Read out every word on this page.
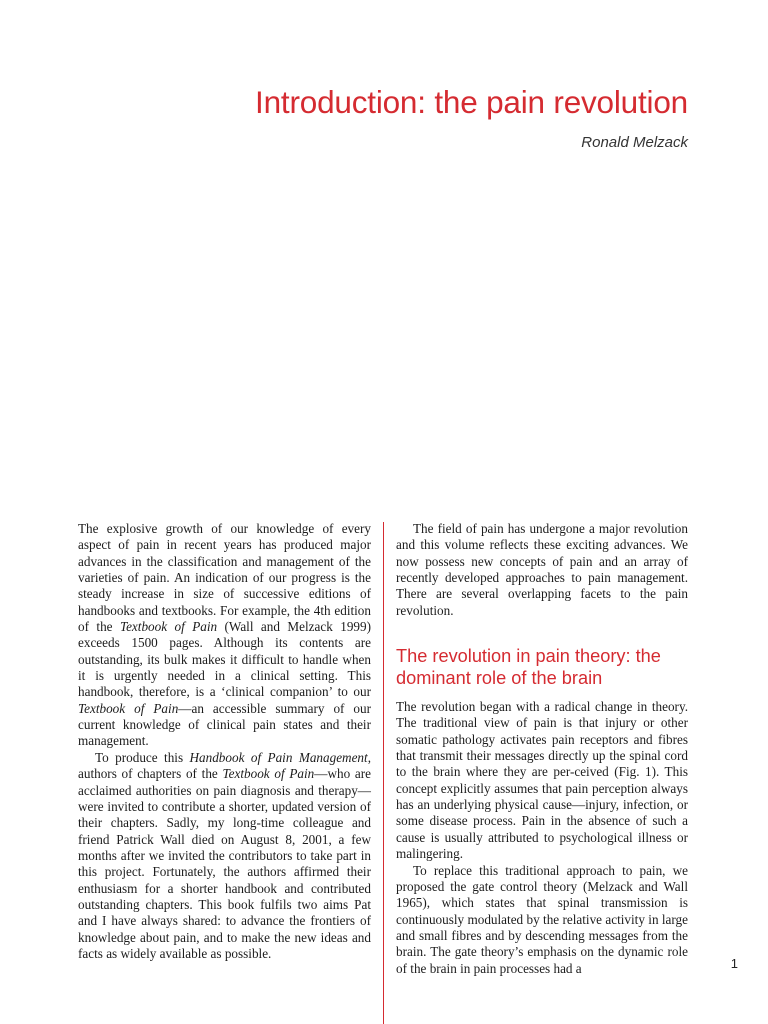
Introduction: the pain revolution
Ronald Melzack

The explosive growth of our knowledge of every aspect of pain in recent years has produced major advances in the classification and management of the varieties of pain. An indication of our progress is the steady increase in size of successive editions of handbooks and textbooks. For example, the 4th edition of the Textbook of Pain (Wall and Melzack 1999) exceeds 1500 pages. Although its contents are outstanding, its bulk makes it difficult to handle when it is urgently needed in a clinical setting. This handbook, therefore, is a ‘clinical companion’ to our Textbook of Pain—an accessible summary of our current knowledge of clinical pain states and their management.

To produce this Handbook of Pain Management, authors of chapters of the Textbook of Pain—who are acclaimed authorities on pain diagnosis and therapy—were invited to contribute a shorter, updated version of their chapters. Sadly, my long-time colleague and friend Patrick Wall died on August 8, 2001, a few months after we invited the contributors to take part in this project. Fortunately, the authors affirmed their enthusiasm for a shorter handbook and contributed outstanding chapters. This book fulfils two aims Pat and I have always shared: to advance the frontiers of knowledge about pain, and to make the new ideas and facts as widely available as possible.

The field of pain has undergone a major revolution and this volume reflects these exciting advances. We now possess new concepts of pain and an array of recently developed approaches to pain management. There are several overlapping facets to the pain revolution.

The revolution in pain theory: the dominant role of the brain

The revolution began with a radical change in theory. The traditional view of pain is that injury or other somatic pathology activates pain receptors and fibres that transmit their messages directly up the spinal cord to the brain where they are per-ceived (Fig. 1). This concept explicitly assumes that pain perception always has an underlying physical cause—injury, infection, or some disease process. Pain in the absence of such a cause is usually attributed to psychological illness or malingering.

To replace this traditional approach to pain, we proposed the gate control theory (Melzack and Wall 1965), which states that spinal transmission is continuously modulated by the relative activity in large and small fibres and by descending messages from the brain. The gate theory’s emphasis on the dynamic role of the brain in pain processes had a	1
